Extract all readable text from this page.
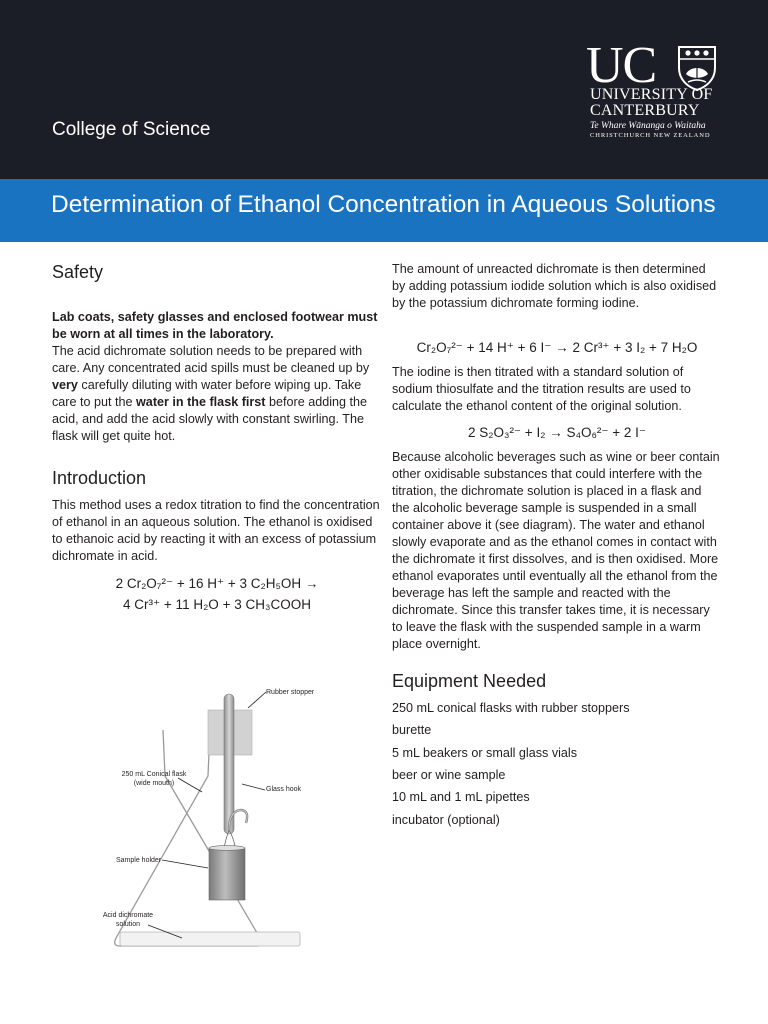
College of Science
UC
UNIVERSITY OF
CANTERBURY
Te Whare Wānanga o Waitaha
CHRISTCHURCH NEW ZEALAND
Determination of Ethanol Concentration in Aqueous Solutions
Safety
Lab coats, safety glasses and enclosed footwear must be worn at all times in the laboratory.
The acid dichromate solution needs to be prepared with care. Any concentrated acid spills must be cleaned up by very carefully diluting with water before wiping up. Take care to put the water in the flask first before adding the acid, and add the acid slowly with constant swirling. The flask will get quite hot.
Introduction
This method uses a redox titration to find the concentration of ethanol in an aqueous solution. The ethanol is oxidised to ethanoic acid by reacting it with an excess of potassium dichromate in acid.
2 Cr₂O₇²⁻ + 16 H⁺ + 3 C₂H₅OH →
4 Cr³⁺ + 11 H₂O + 3 CH₃COOH
Rubber stopper
250 mL Conical flask (wide mouth)
Glass hook
Sample holder
Acid dichromate solution
The amount of unreacted dichromate is then determined by adding potassium iodide solution which is also oxidised by the potassium dichromate forming iodine.
Cr₂O₇²⁻ + 14 H⁺ + 6 I⁻ → 2 Cr³⁺ + 3 I₂ + 7 H₂O
The iodine is then titrated with a standard solution of sodium thiosulfate and the titration results are used to calculate the ethanol content of the original solution.
2 S₂O₃²⁻ + I₂ → S₄O₆²⁻ + 2 I⁻
Because alcoholic beverages such as wine or beer contain other oxidisable substances that could interfere with the titration, the dichromate solution is placed in a flask and the alcoholic beverage sample is suspended in a small container above it (see diagram). The water and ethanol slowly evaporate and as the ethanol comes in contact with the dichromate it first dissolves, and is then oxidised. More ethanol evaporates until eventually all the ethanol from the beverage has left the sample and reacted with the dichromate. Since this transfer takes time, it is necessary to leave the flask with the suspended sample in a warm place overnight.
Equipment Needed
250 mL conical flasks with rubber stoppers
burette
5 mL beakers or small glass vials
beer or wine sample
10 mL and 1 mL pipettes
incubator (optional)
